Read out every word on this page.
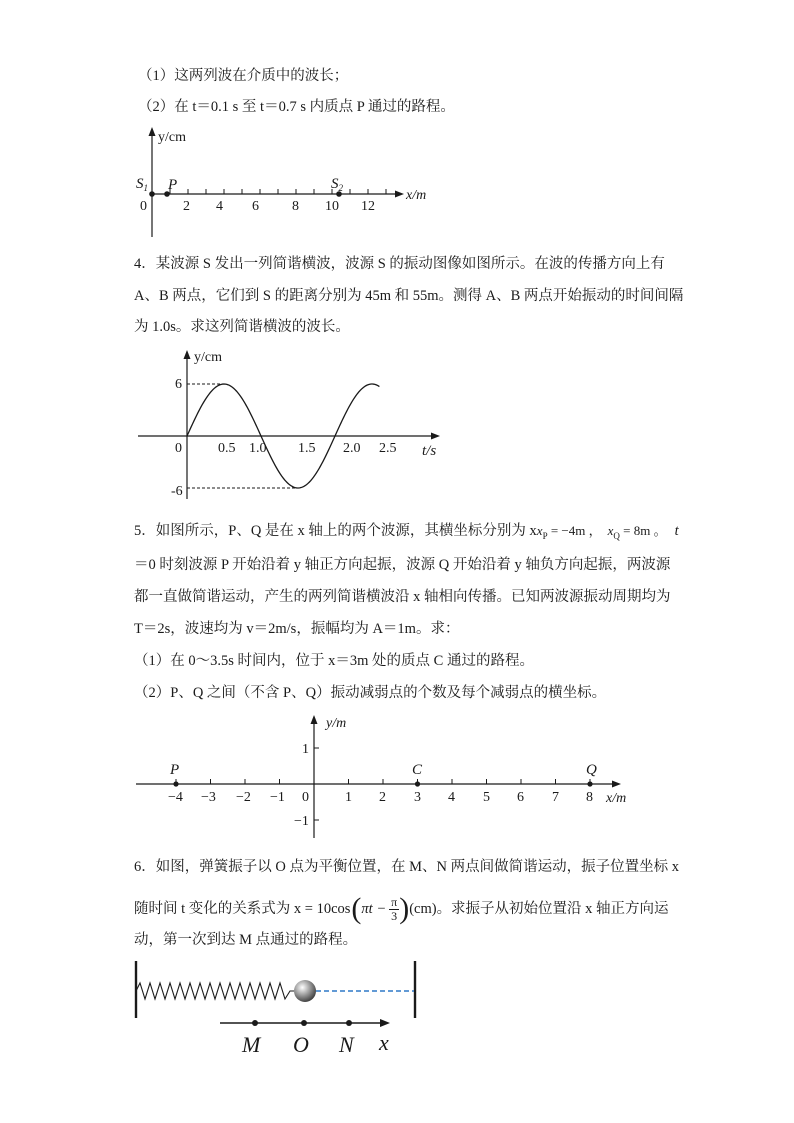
（1）这两列波在介质中的波长；
（2）在 t＝0.1 s 至 t＝0.7 s 内质点 P 通过的路程。
y/cm
x/m
0	2 4 6 8 10 12
$S_1$ P	$S_2$
4．某波源 S 发出一列简谐横波，波源 S 的振动图像如图所示。在波的传播方向上有
A、B 两点，它们到 S 的距离分别为 45m 和 55m。测得 A、B 两点开始振动的时间间隔
为 1.0s。求这列简谐横波的波长。
y/cm
t/s
6
-6
0	0.5 1.0 1.5 2.0 2.5
5．如图所示，P、Q 是在 x 轴上的两个波源，其横坐标分别为 $xx_P = -4m$ ， $x_Q = 8m$ 。 t
＝0 时刻波源 P 开始沿着 y 轴正方向起振，波源 Q 开始沿着 y 轴负方向起振，两波源
都一直做简谐运动，产生的两列简谐横波沿 x 轴相向传播。已知两波源振动周期均为
T＝2s，波速均为 v＝2m/s，振幅均为 A＝1m。求：
（1）在 0～3.5s 时间内，位于 x＝3m 处的质点 C 通过的路程。
（2）P、Q 之间（不含 P、Q）振动减弱点的个数及每个减弱点的横坐标。
y/m
x/m
1
−1
−4 −3 −2 −1 0	1 2 3 4 5 6 7 8
P	C	Q
6．如图，弹簧振子以 O 点为平衡位置，在 M、N 两点间做简谐运动，振子位置坐标 x
随时间 t 变化的关系式为 x = 10cos ( $\pi t - \frac{\pi}{3}$ ) (cm) 。求振子从初始位置沿 x 轴正方向运
动，第一次到达 M 点通过的路程。
M O N x
